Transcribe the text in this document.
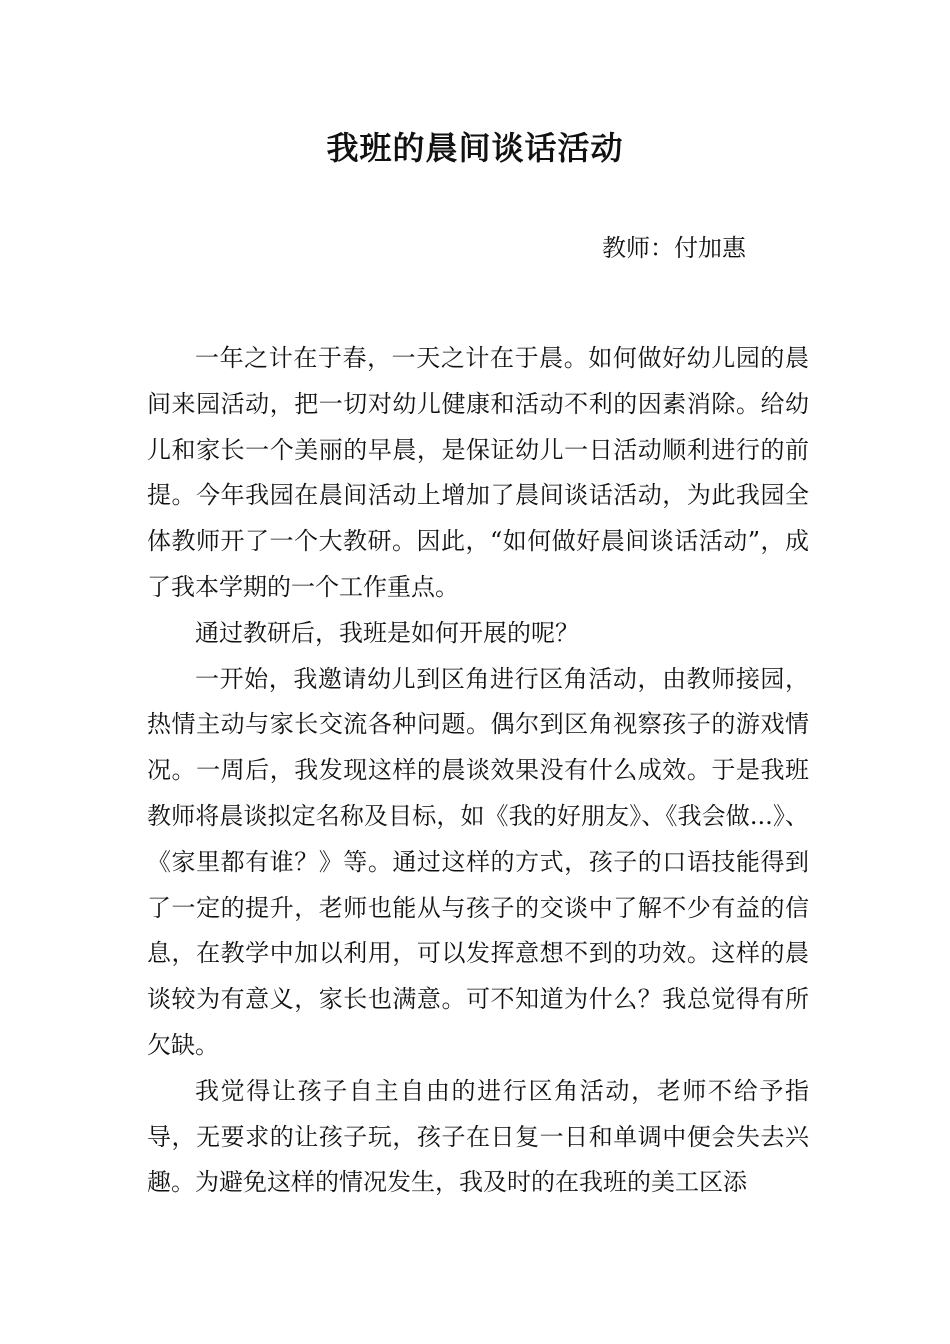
我班的晨间谈话活动
教师：付加惠

一年之计在于春，一天之计在于晨。如何做好幼儿园的晨间来园活动，把一切对幼儿健康和活动不利的因素消除。给幼儿和家长一个美丽的早晨，是保证幼儿一日活动顺利进行的前提。今年我园在晨间活动上增加了晨间谈话活动，为此我园全体教师开了一个大教研。因此，“如何做好晨间谈话活动”，成了我本学期的一个工作重点。

通过教研后，我班是如何开展的呢？

一开始，我邀请幼儿到区角进行区角活动，由教师接园，热情主动与家长交流各种问题。偶尔到区角视察孩子的游戏情况。一周后，我发现这样的晨谈效果没有什么成效。于是我班教师将晨谈拟定名称及目标，如《我的好朋友》、《我会做...》、《家里都有谁？》等。通过这样的方式，孩子的口语技能得到了一定的提升，老师也能从与孩子的交谈中了解不少有益的信息，在教学中加以利用，可以发挥意想不到的功效。这样的晨谈较为有意义，家长也满意。可不知道为什么？我总觉得有所欠缺。

我觉得让孩子自主自由的进行区角活动，老师不给予指导，无要求的让孩子玩，孩子在日复一日和单调中便会失去兴趣。为避免这样的情况发生，我及时的在我班的美工区添
